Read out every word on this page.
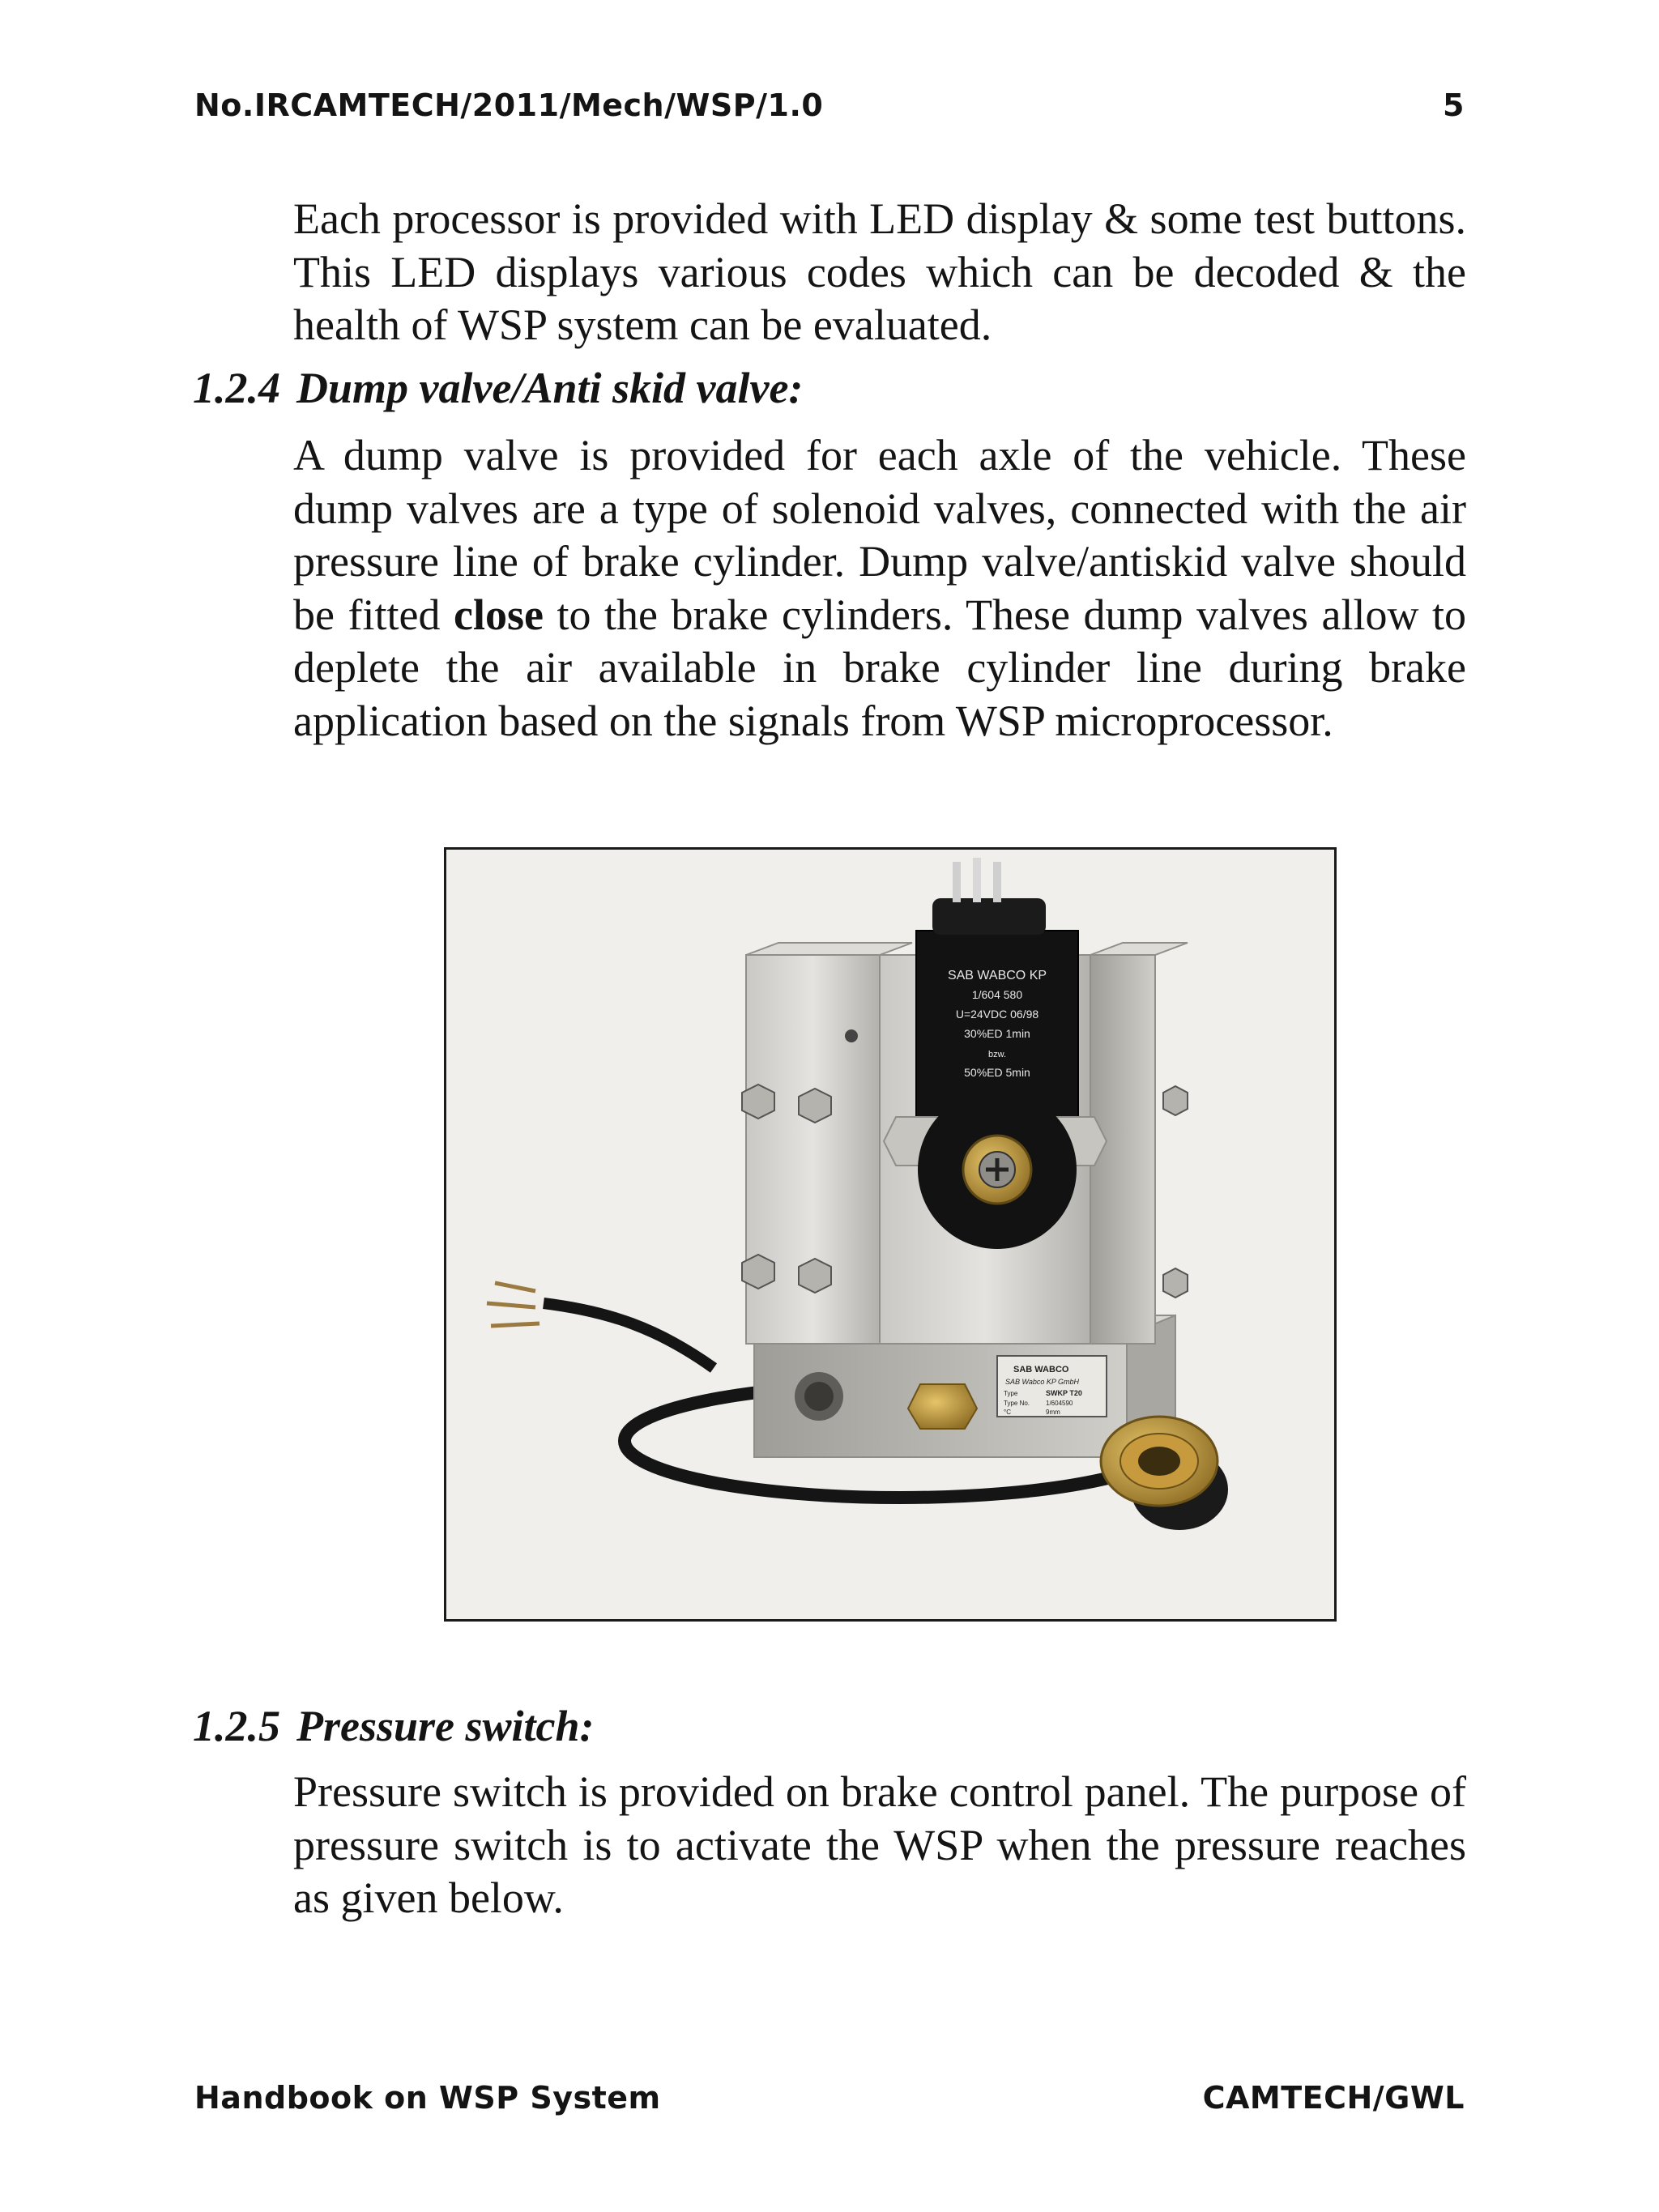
No.IRCAMTECH/2011/Mech/WSP/1.0	5

Each processor is provided with LED display & some test buttons. This LED displays various codes which can be decoded & the health of WSP system can be evaluated.

1.2.4 Dump valve/Anti skid valve:

A dump valve is provided for each axle of the vehicle. These dump valves are a type of solenoid valves, connected with the air pressure line of brake cylinder. Dump valve/antiskid valve should be fitted close to the brake cylinders. These dump valves allow to deplete the air available in brake cylinder line during brake application based on the signals from WSP microprocessor.

SAB WABCO
SAB Wabco KP GmbH
Type	SWKP T20
Type No. 1/604590
°C	9mm
SAB WABCO KP
1/604 580
U=24VDC 06/98
30%ED 1min
bzw.
50%ED 5min
1.2.5 Pressure switch:

Pressure switch is provided on brake control panel. The purpose of pressure switch is to activate the WSP when the pressure reaches as given below.

Handbook on WSP System	CAMTECH/GWL
